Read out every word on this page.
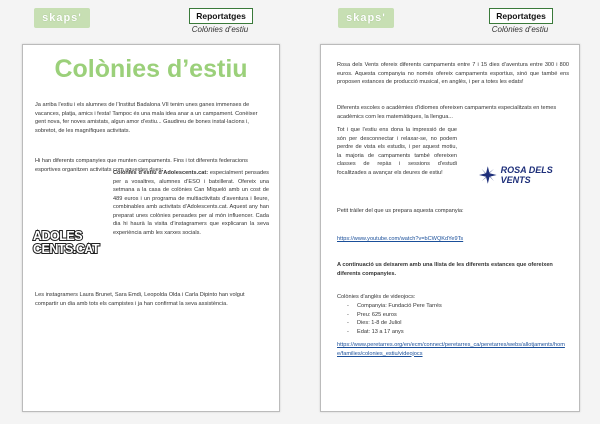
skaps'	Reportatges
Colònies d’estiu
skaps'	Reportatges
Colònies d’estiu
Colònies d’estiu

Ja arriba l’estiu i els alumnes de l’Institut Badalona VII tenim unes ganes immenses de vacances, platja, amics i festa! Tampoc és una mala idea anar a un campament. Conèixer gent nova, fer noves amistats, algun amor d’estiu... Gaudireu de bones instal·lacions i, sobretot, de les magnífiques activitats.

Hi han diferents companyies que munten campaments. Fins i tot diferents federacions esportives organitzen activitats com aquestes dues:

ADOLES
CENTS.CAT

Colònies d’estiu d’Adolescents.cat: especialment pensades per a vosaltres, alumnes d’ESO i batxillerat. Ofereix una setmana a la casa de colònies Can Miqueló amb un cost de 489 euros i un programa de multiactivitats d’aventura i lleure, combinables amb activitats d’Adolescents.cat. Aquest any han preparat unes colònies pensades per al món influencer. Cada dia hi haurà la visita d’instagramers que explicaran la seva experiència amb les xarxes socials.

Les instagramers Laura Brunet, Sara Emdi, Leopolda Olda i Carla Dipinto han volgut compartir un dia amb tots els campistes i ja han confirmat la seva assistència.

Rosa dels Vents ofereix diferents campaments entre 7 i 15 dies d’aventura entre 300 i 800 euros. Aquesta companyia no només ofereix campaments esportius, sinó que també ens proposen estances de producció musical, en anglès, i per a totes les edats!

Diferents escoles o acadèmies d’idiomes ofereixen campaments especialitzats en temes acadèmics com les matemàtiques, la llengua...

Tot i que l’estiu ens dona la impressió de que són per desconnectar i relaxar-se, no podem perdre de vista els estudis, i per aquest motiu, la majoria de campaments també ofereixen classes de repàs i sessions d’estudi focalitzades a avançar els deures de estiu!	ROSA DELS VENTS

Petit tràiler del que us prepara aquesta companyia:

https://www.youtube.com/watch?v=bCWQKdYe9Ts

A continuació us deixarem amb una llista de les diferents estances que ofereixen diferents companyies.

Colònies d’anglès de videojocs:

- Companyia: Fundació Pere Tarrés
- Preu: 625 euros
- Dies: 1-8 de Juliol
- Edat: 13 a 17 anys

https://www.peretarres.org/en/ecm/connect/peretarres_ca/peretarres/webs/allotjaments/home/families/colonies_estiu/videojocs
